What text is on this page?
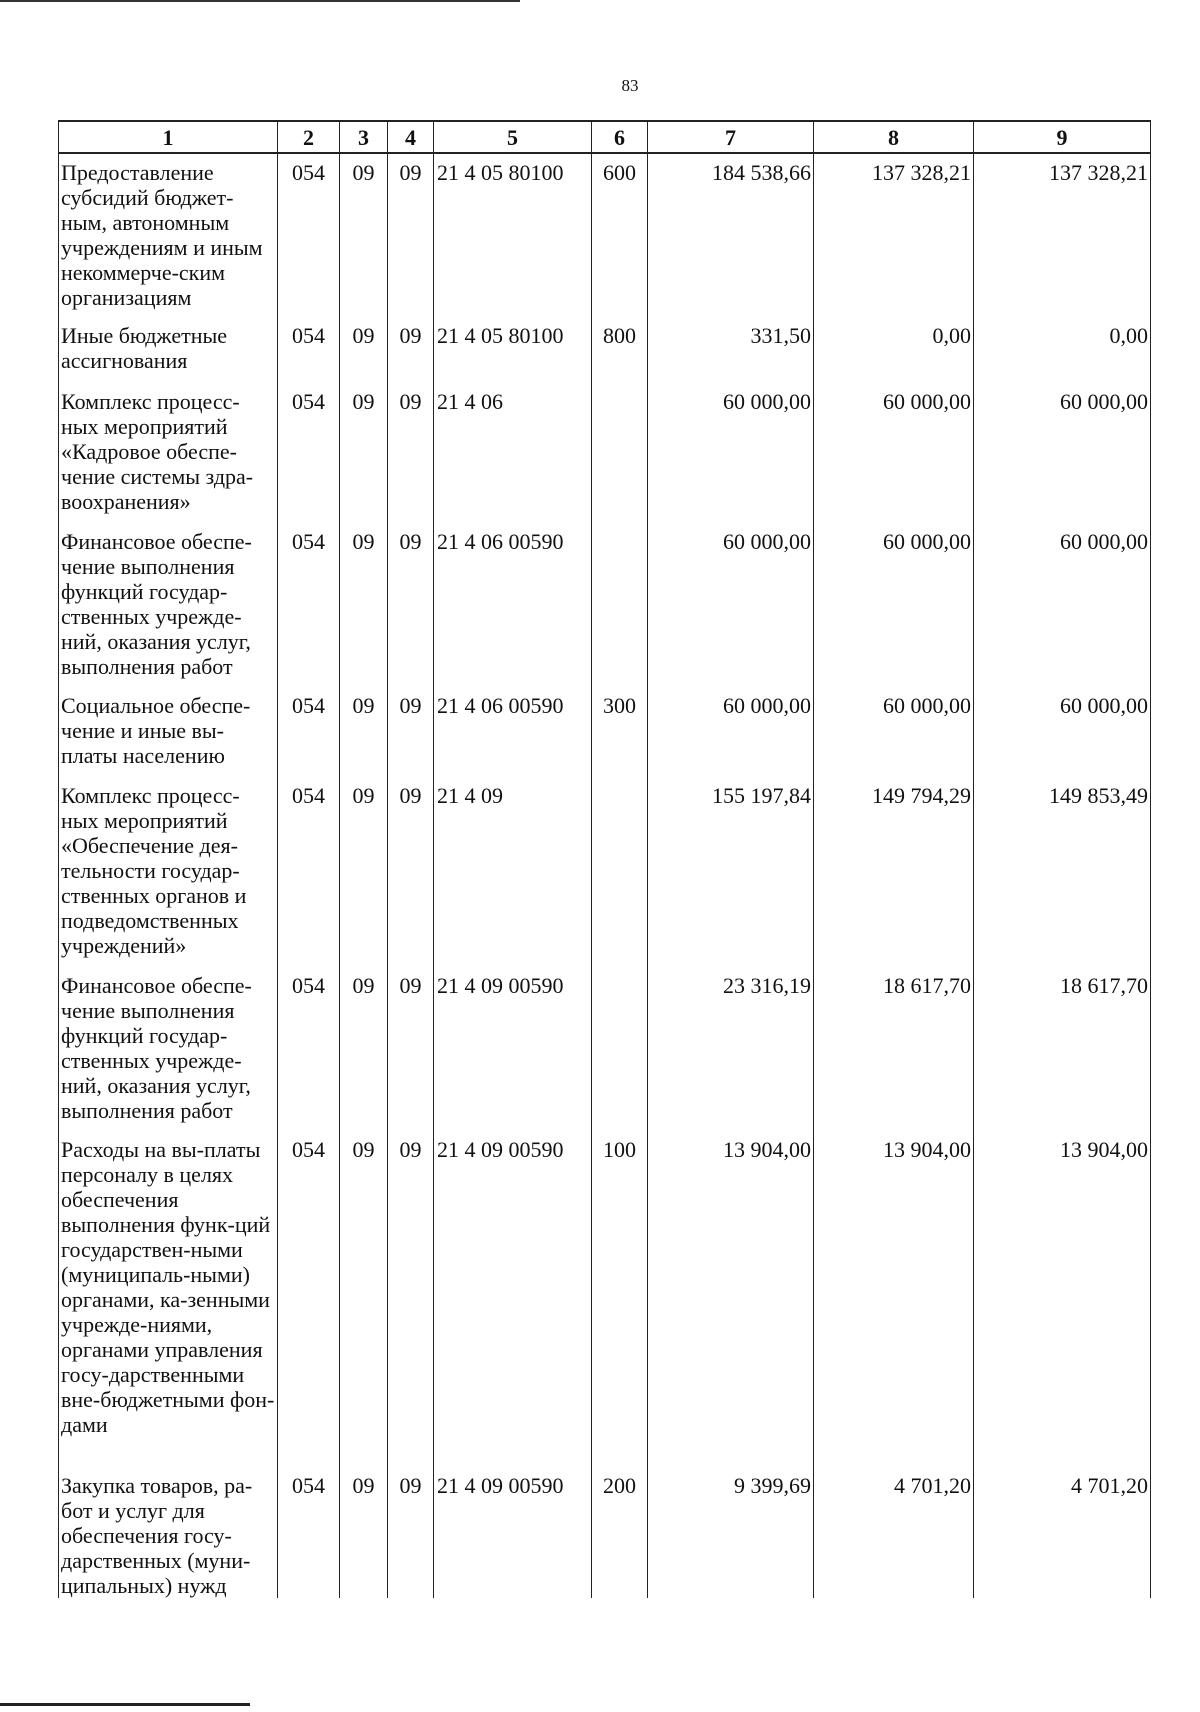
83
1	2	3	4	5	6	7	8	9
Предоставление субсидий бюджет-ным, автономным учреждениям и иным некоммерче-ским организациям	054	09	09	21 4 05 80100	600	184 538,66	137 328,21	137 328,21
Иные бюджетные ассигнования	054	09	09	21 4 05 80100	800	331,50	0,00	0,00
Комплекс процесс-ных мероприятий «Кадровое обеспе-чение системы здра-воохранения»	054	09	09	21 4 06		60 000,00	60 000,00	60 000,00
Финансовое обеспе-чение выполнения функций государ-ственных учрежде-ний, оказания услуг, выполнения работ	054	09	09	21 4 06 00590		60 000,00	60 000,00	60 000,00
Социальное обеспе-чение и иные вы-платы населению	054	09	09	21 4 06 00590	300	60 000,00	60 000,00	60 000,00
Комплекс процесс-ных мероприятий «Обеспечение дея-тельности государ-ственных органов и подведомственных учреждений»	054	09	09	21 4 09		155 197,84	149 794,29	149 853,49
Финансовое обеспе-чение выполнения функций государ-ственных учрежде-ний, оказания услуг, выполнения работ	054	09	09	21 4 09 00590		23 316,19	18 617,70	18 617,70
Расходы на вы-платы персоналу в целях обеспечения выполнения функ-ций государствен-ными (муниципаль-ными) органами, ка-зенными учрежде-ниями, органами управления госу-дарственными вне-бюджетными фон-дами	054	09	09	21 4 09 00590	100	13 904,00	13 904,00	13 904,00
Закупка товаров, ра-бот и услуг для обеспечения госу-дарственных (муни-ципальных) нужд	054	09	09	21 4 09 00590	200	9 399,69	4 701,20	4 701,20
